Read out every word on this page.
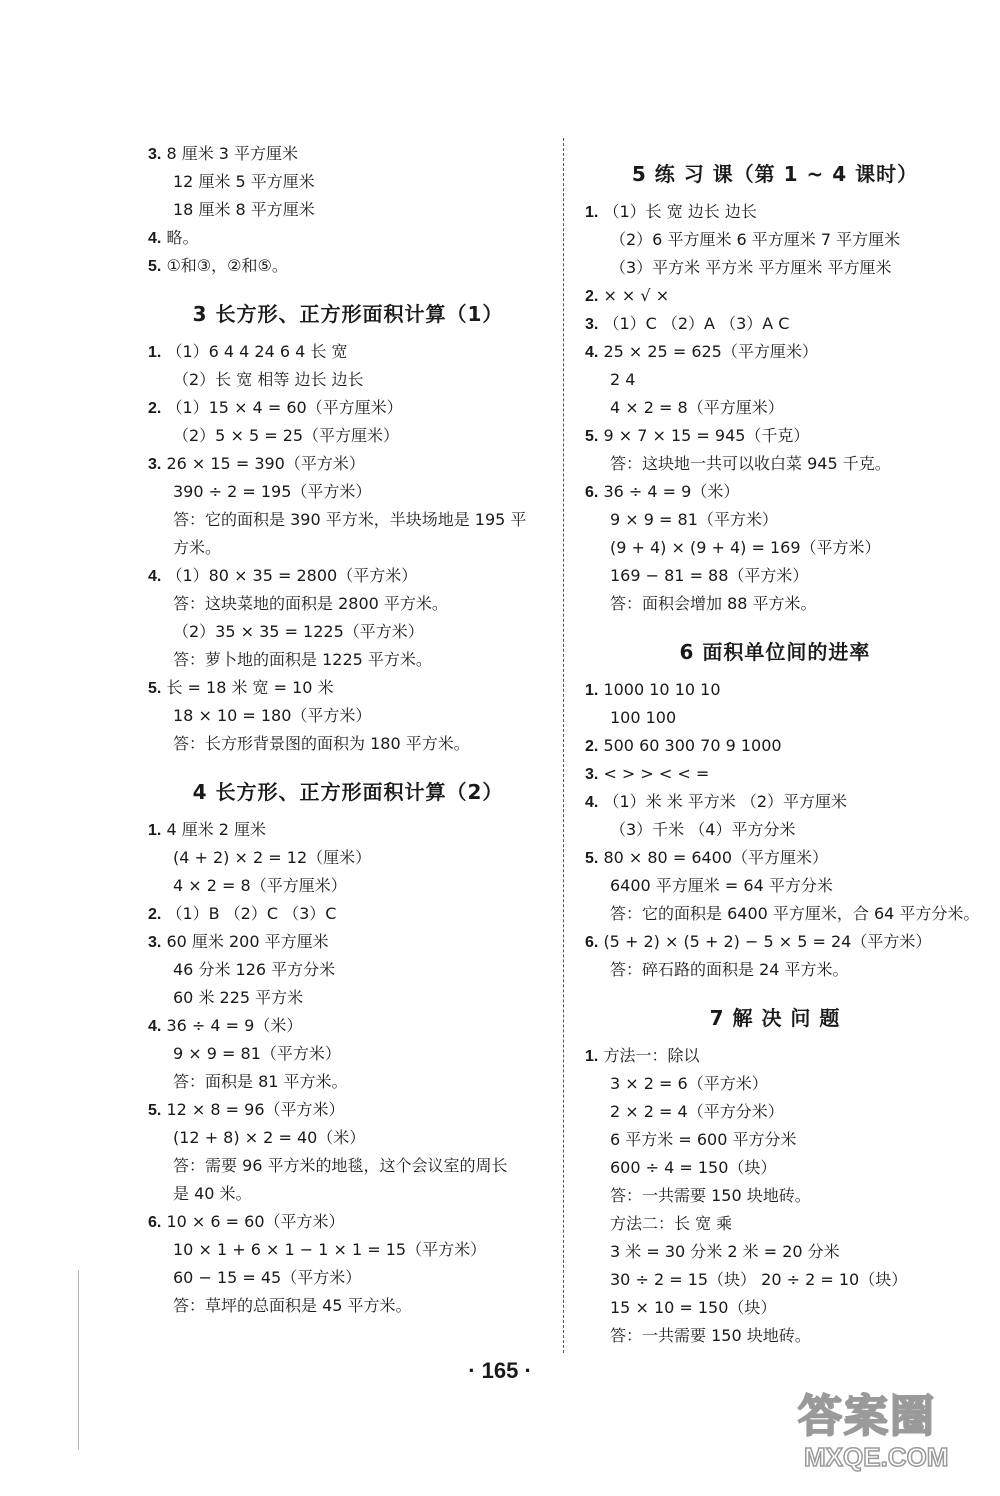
3. 8 厘米 3 平方厘米
12 厘米 5 平方厘米
18 厘米 8 平方厘米
4. 略。
5. ①和③，②和⑤。
3 长方形、正方形面积计算（1）
1. （1）6 4 4 24 6 4 长 宽
（2）长 宽 相等 边长 边长
2. （1）15 × 4 = 60（平方厘米）
（2）5 × 5 = 25（平方厘米）
3. 26 × 15 = 390（平方米）
390 ÷ 2 = 195（平方米）
答：它的面积是 390 平方米，半块场地是 195 平
方米。
4. （1）80 × 35 = 2800（平方米）
答：这块菜地的面积是 2800 平方米。
（2）35 × 35 = 1225（平方米）
答：萝卜地的面积是 1225 平方米。
5. 长 = 18 米 宽 = 10 米
18 × 10 = 180（平方米）
答：长方形背景图的面积为 180 平方米。
4 长方形、正方形面积计算（2）
1. 4 厘米 2 厘米
(4 + 2) × 2 = 12（厘米）
4 × 2 = 8（平方厘米）
2. （1）B （2）C （3）C
3. 60 厘米 200 平方厘米
46 分米 126 平方分米
60 米 225 平方米
4. 36 ÷ 4 = 9（米）
9 × 9 = 81（平方米）
答：面积是 81 平方米。
5. 12 × 8 = 96（平方米）
(12 + 8) × 2 = 40（米）
答：需要 96 平方米的地毯，这个会议室的周长
是 40 米。
6. 10 × 6 = 60（平方米）
10 × 1 + 6 × 1 − 1 × 1 = 15（平方米）
60 − 15 = 45（平方米）
答：草坪的总面积是 45 平方米。
5 练 习 课（第 1 ~ 4 课时）
1. （1）长 宽 边长 边长
（2）6 平方厘米 6 平方厘米 7 平方厘米
（3）平方米 平方米 平方厘米 平方厘米
2. × × √ ×
3. （1）C （2）A （3）A C
4. 25 × 25 = 625（平方厘米）
2 4
4 × 2 = 8（平方厘米）
5. 9 × 7 × 15 = 945（千克）
答：这块地一共可以收白菜 945 千克。
6. 36 ÷ 4 = 9（米）
9 × 9 = 81（平方米）
(9 + 4) × (9 + 4) = 169（平方米）
169 − 81 = 88（平方米）
答：面积会增加 88 平方米。
6 面积单位间的进率
1. 1000 10 10 10
100 100
2. 500 60 300 70 9 1000
3. < > > < < =
4. （1）米 米 平方米 （2）平方厘米
（3）千米 （4）平方分米
5. 80 × 80 = 6400（平方厘米）
6400 平方厘米 = 64 平方分米
答：它的面积是 6400 平方厘米，合 64 平方分米。
6. (5 + 2) × (5 + 2) − 5 × 5 = 24（平方米）
答：碎石路的面积是 24 平方米。
7 解 决 问 题
1. 方法一：除以
3 × 2 = 6（平方米）
2 × 2 = 4（平方分米）
6 平方米 = 600 平方分米
600 ÷ 4 = 150（块）
答：一共需要 150 块地砖。
方法二：长 宽 乘
3 米 = 30 分米 2 米 = 20 分米
30 ÷ 2 = 15（块） 20 ÷ 2 = 10（块）
15 × 10 = 150（块）
答：一共需要 150 块地砖。
· 165 ·
答案圈
MXQE.COM
